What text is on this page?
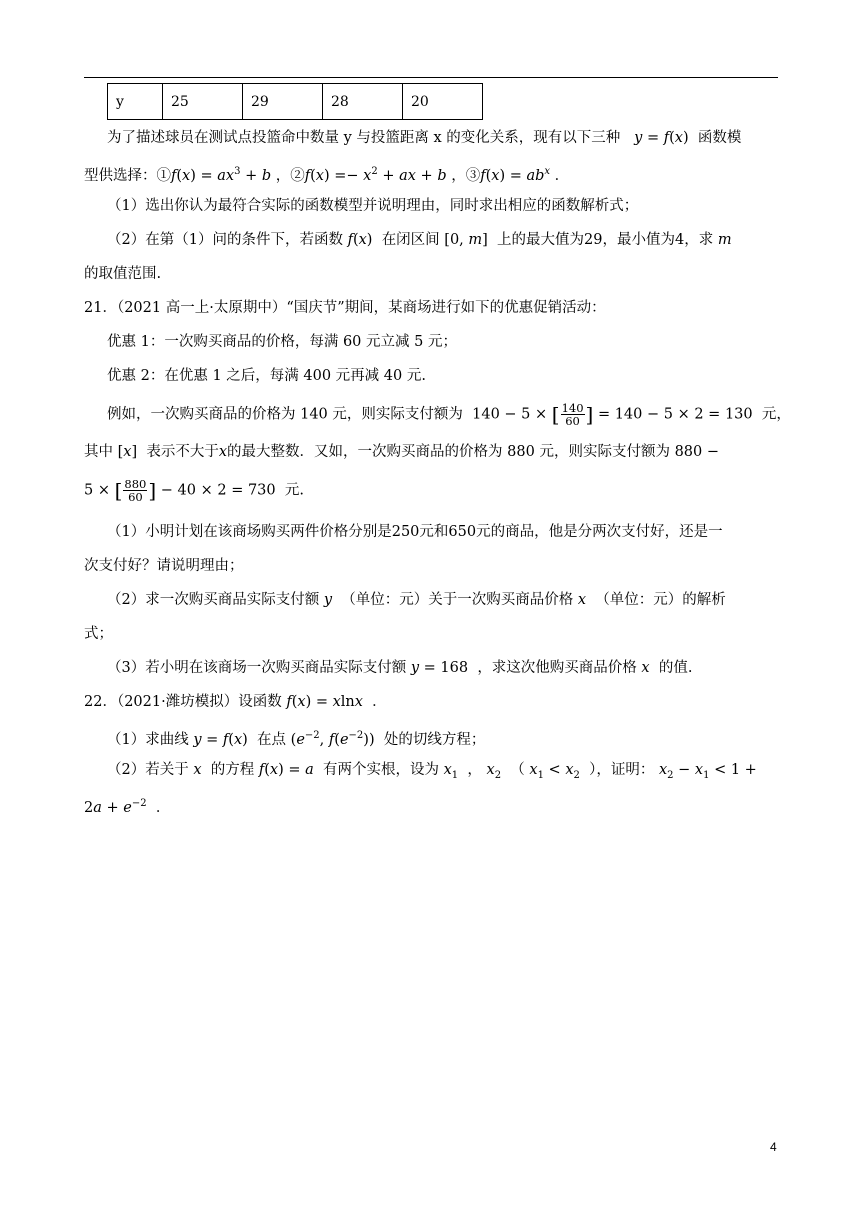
y	25	29	28	20
为了描述球员在测试点投篮命中数量 y 与投篮距离 x 的变化关系，现有以下三种   y = f(x) 函数模
型供选择：①f(x) = $ax^3 + b$ ，②f(x) =− $x^2$ + ax + b ，③f(x) = $ab^x$ ．
（1）选出你认为最符合实际的函数模型并说明理由，同时求出相应的函数解析式；
（2）在第（1）问的条件下，若函数 f(x) 在闭区间 [0, m] 上的最大值为29，最小值为4，求 m
的取值范围.
21．（2021 高一上·太原期中）“国庆节”期间，某商场进行如下的优惠促销活动：
优惠 1：一次购买商品的价格，每满 60 元立减 5 元；
优惠 2：在优惠 1 之后，每满 400 元再减 40 元.
例如，一次购买商品的价格为 140 元，则实际支付额为 140 − 5 × [ $\frac{140}{60}$ ] = 140 − 5 × 2 = 130 元，
其中 [x] 表示不大于x的最大整数．又如，一次购买商品的价格为 880 元，则实际支付额为 880 −
5 × [ $\frac{880}{60}$ ] − 40 × 2 = 730 元.
（1）小明计划在该商场购买两件价格分别是250元和650元的商品，他是分两次支付好，还是一
次支付好？请说明理由；
（2）求一次购买商品实际支付额 y （单位：元）关于一次购买商品价格 x （单位：元）的解析
式；
（3）若小明在该商场一次购买商品实际支付额 y = 168 ，求这次他购买商品价格 x 的值.
22．（2021·潍坊模拟）设函数 f(x) = xlnx ．
（1）求曲线 y = f(x) 在点 ($e^{-2}$, $f(e^{-2})$) 处的切线方程；
（2）若关于 x 的方程 f(x) = a 有两个实根，设为 $x_1$ ， $x_2$ （ $x_1 < x_2$ ），证明： $x_2 - x_1 < 1$ +
$2a + e^{-2}$ ．
4
